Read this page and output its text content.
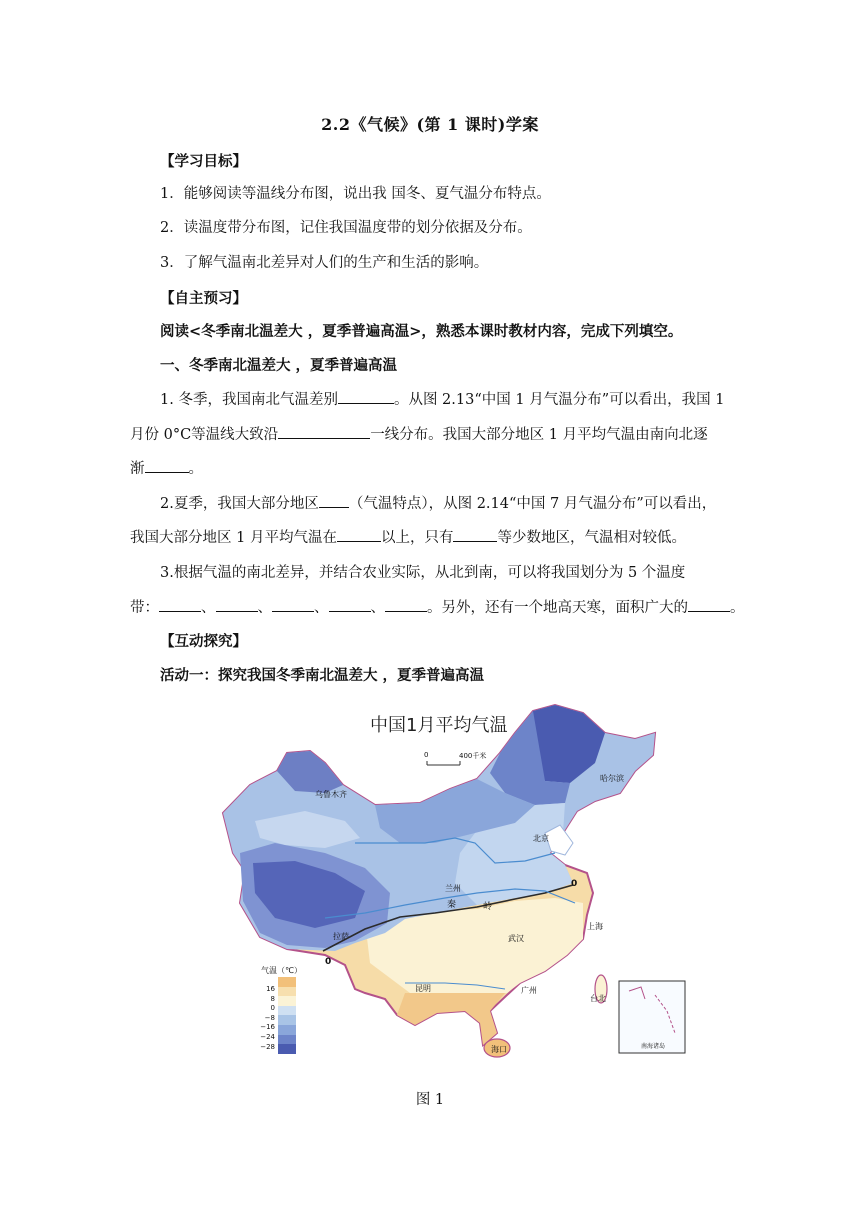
2.2《气候》(第 1 课时)学案
【学习目标】
1．能够阅读等温线分布图，说出我 国冬、夏气温分布特点。
2．读温度带分布图，记住我国温度带的划分依据及分布。
3．了解气温南北差异对人们的生产和生活的影响。
【自主预习】
阅读<冬季南北温差大 ，夏季普遍高温>，熟悉本课时教材内容，完成下列填空。
一、冬季南北温差大 ，夏季普遍高温
1. 冬季，我国南北气温差别	。从图 2.13“中国 1 月气温分布”可以看出，我国 1
月份 0°C等温线大致沿	一线分布。我国大部分地区 1 月平均气温由南向北逐
渐	。
2.夏季，我国大部分地区 （气温特点），从图 2.14“中国 7 月气温分布”可以看出，
我国大部分地区 1 月平均气温在	以上，只有	等少数地区，气温相对较低。
3.根据气温的南北差异，并结合农业实际，从北到南，可以将我国划分为 5 个温度
带：	、	、	、	、	。另外，还有一个地高天寒，面积广大的	。
【互动探究】
活动一：探究我国冬季南北温差大 ，夏季普遍高温
中国1月平均气温
0	400千米
哈尔滨
乌鲁木齐
北京
兰州
上海
武汉
拉萨
昆明	广州
台北
海口
0
0
秦	岭
南海诸岛
气温（℃）
16
8
0
−8
−16
−24
−28
图 1
